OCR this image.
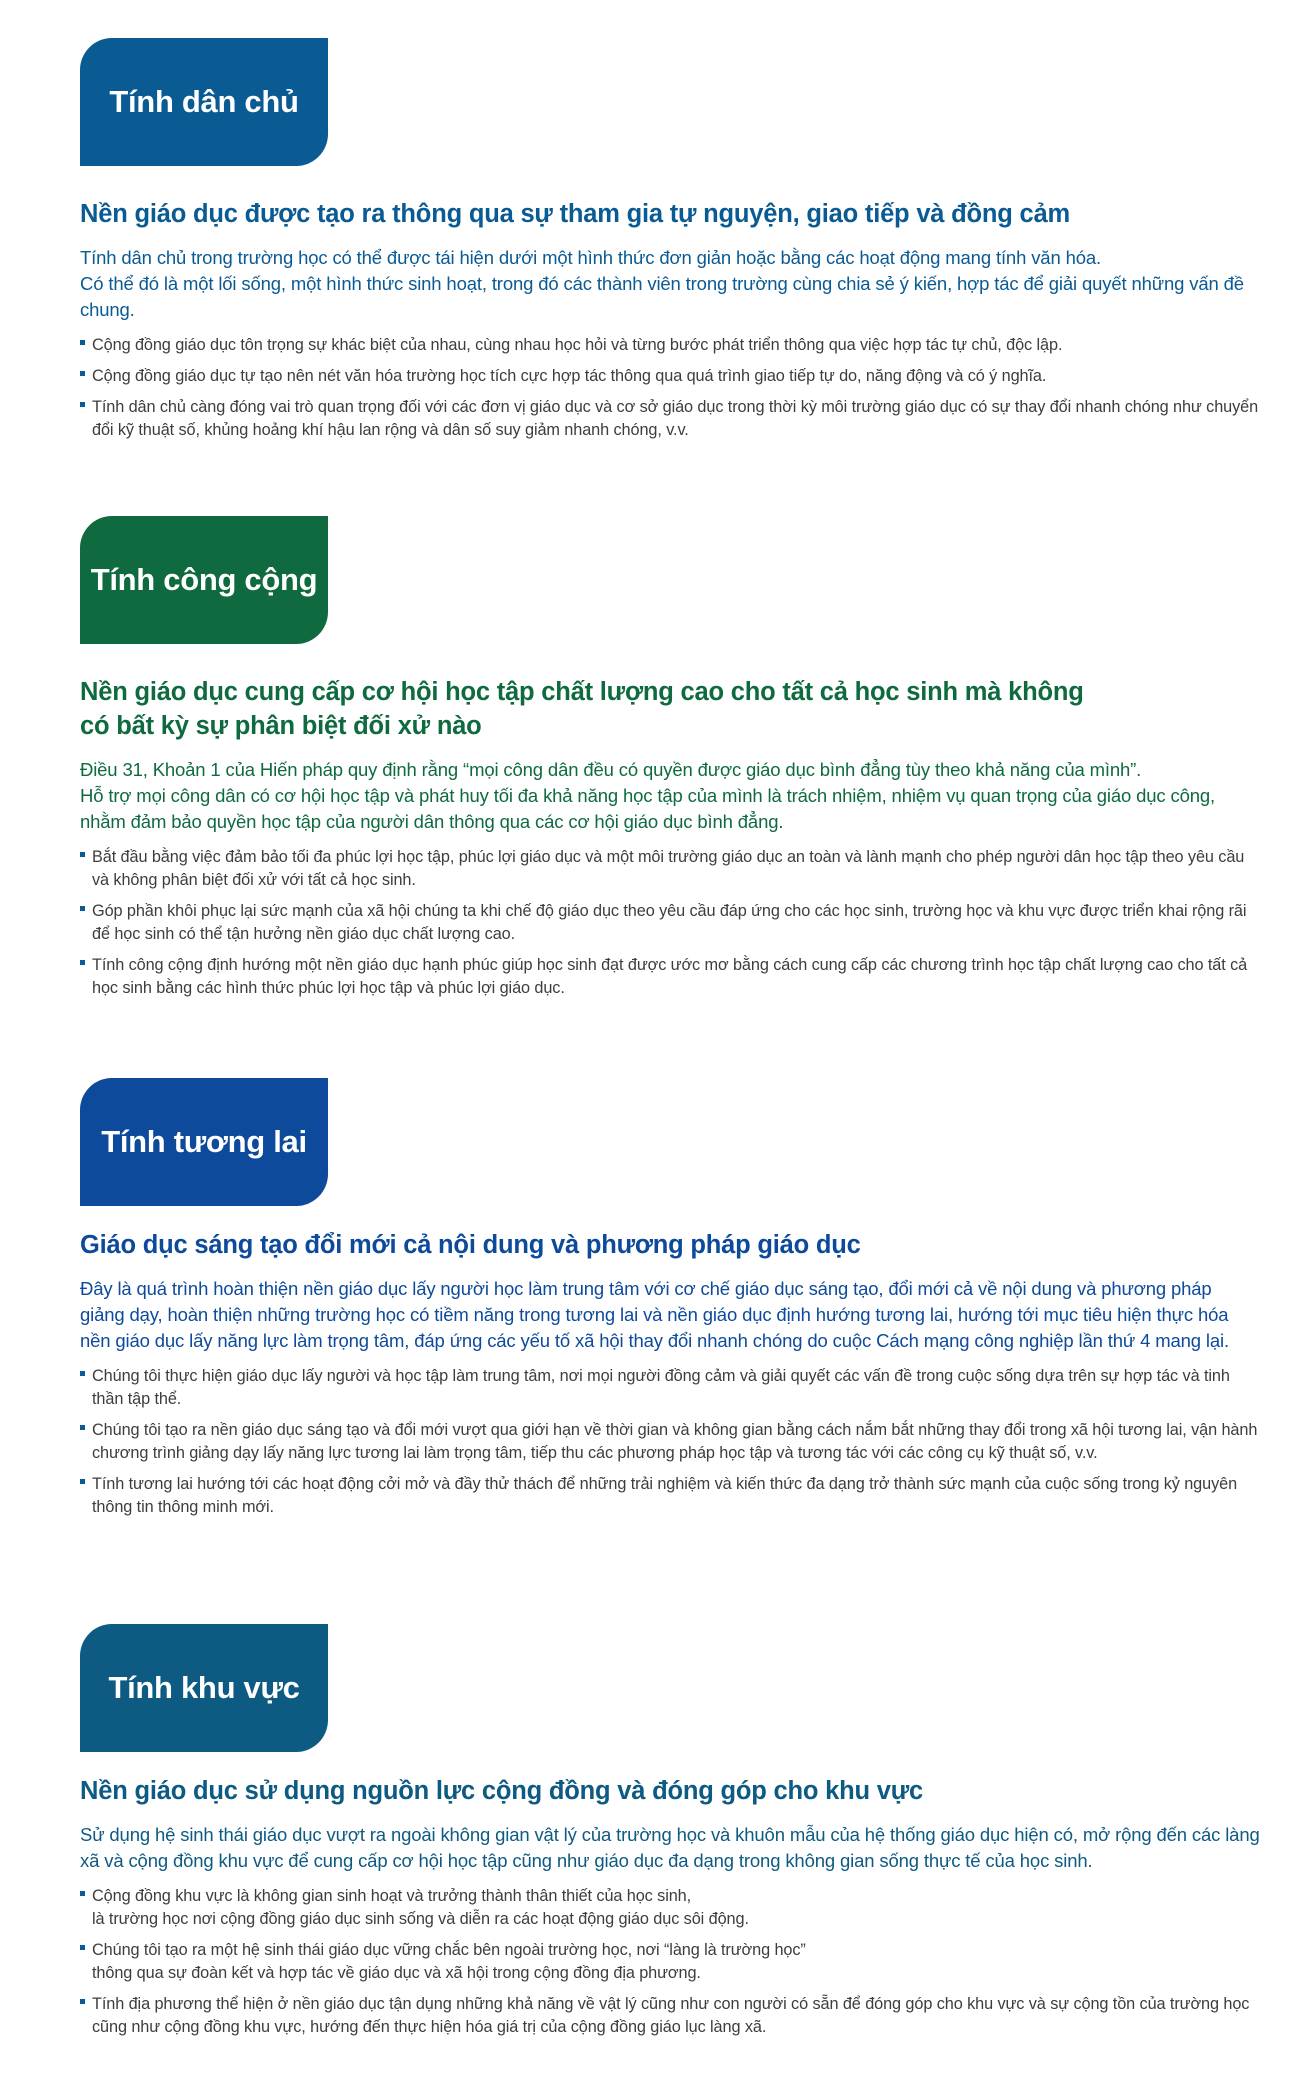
Tính dân chủ
Nền giáo dục được tạo ra thông qua sự tham gia tự nguyện, giao tiếp và đồng cảm

Tính dân chủ trong trường học có thể được tái hiện dưới một hình thức đơn giản hoặc bằng các hoạt động mang tính văn hóa.
Có thể đó là một lối sống, một hình thức sinh hoạt, trong đó các thành viên trong trường cùng chia sẻ ý kiến, hợp tác để giải quyết những vấn đề chung.

Cộng đồng giáo dục tôn trọng sự khác biệt của nhau, cùng nhau học hỏi và từng bước phát triển thông qua việc hợp tác tự chủ, độc lập.
Cộng đồng giáo dục tự tạo nên nét văn hóa trường học tích cực hợp tác thông qua quá trình giao tiếp tự do, năng động và có ý nghĩa.
Tính dân chủ càng đóng vai trò quan trọng đối với các đơn vị giáo dục và cơ sở giáo dục trong thời kỳ môi trường giáo dục có sự thay đổi nhanh chóng như chuyển đổi kỹ thuật số, khủng hoảng khí hậu lan rộng và dân số suy giảm nhanh chóng, v.v.
Tính công cộng
Nền giáo dục cung cấp cơ hội học tập chất lượng cao cho tất cả học sinh mà không
có bất kỳ sự phân biệt đối xử nào

Điều 31, Khoản 1 của Hiến pháp quy định rằng “mọi công dân đều có quyền được giáo dục bình đẳng tùy theo khả năng của mình”.
Hỗ trợ mọi công dân có cơ hội học tập và phát huy tối đa khả năng học tập của mình là trách nhiệm, nhiệm vụ quan trọng của giáo dục công, nhằm đảm bảo quyền học tập của người dân thông qua các cơ hội giáo dục bình đẳng.

Bắt đầu bằng việc đảm bảo tối đa phúc lợi học tập, phúc lợi giáo dục và một môi trường giáo dục an toàn và lành mạnh cho phép người dân học tập theo yêu cầu và không phân biệt đối xử với tất cả học sinh.
Góp phần khôi phục lại sức mạnh của xã hội chúng ta khi chế độ giáo dục theo yêu cầu đáp ứng cho các học sinh, trường học và khu vực được triển khai rộng rãi để học sinh có thể tận hưởng nền giáo dục chất lượng cao.
Tính công cộng định hướng một nền giáo dục hạnh phúc giúp học sinh đạt được ước mơ bằng cách cung cấp các chương trình học tập chất lượng cao cho tất cả học sinh bằng các hình thức phúc lợi học tập và phúc lợi giáo dục.
Tính tương lai
Giáo dục sáng tạo đổi mới cả nội dung và phương pháp giáo dục

Đây là quá trình hoàn thiện nền giáo dục lấy người học làm trung tâm với cơ chế giáo dục sáng tạo, đổi mới cả về nội dung và phương pháp giảng dạy, hoàn thiện những trường học có tiềm năng trong tương lai và nền giáo dục định hướng tương lai, hướng tới mục tiêu hiện thực hóa nền giáo dục lấy năng lực làm trọng tâm, đáp ứng các yếu tố xã hội thay đổi nhanh chóng do cuộc Cách mạng công nghiệp lần thứ 4 mang lại.

Chúng tôi thực hiện giáo dục lấy người và học tập làm trung tâm, nơi mọi người đồng cảm và giải quyết các vấn đề trong cuộc sống dựa trên sự hợp tác và tinh thần tập thể.
Chúng tôi tạo ra nền giáo dục sáng tạo và đổi mới vượt qua giới hạn về thời gian và không gian bằng cách nắm bắt những thay đổi trong xã hội tương lai, vận hành chương trình giảng dạy lấy năng lực tương lai làm trọng tâm, tiếp thu các phương pháp học tập và tương tác với các công cụ kỹ thuật số, v.v.
Tính tương lai hướng tới các hoạt động cởi mở và đầy thử thách để những trải nghiệm và kiến thức đa dạng trở thành sức mạnh của cuộc sống trong kỷ nguyên thông tin thông minh mới.
Tính khu vực
Nền giáo dục sử dụng nguồn lực cộng đồng và đóng góp cho khu vực

Sử dụng hệ sinh thái giáo dục vượt ra ngoài không gian vật lý của trường học và khuôn mẫu của hệ thống giáo dục hiện có, mở rộng đến các làng xã và cộng đồng khu vực để cung cấp cơ hội học tập cũng như giáo dục đa dạng trong không gian sống thực tế của học sinh.

Cộng đồng khu vực là không gian sinh hoạt và trưởng thành thân thiết của học sinh,
là trường học nơi cộng đồng giáo dục sinh sống và diễn ra các hoạt động giáo dục sôi động.
Chúng tôi tạo ra một hệ sinh thái giáo dục vững chắc bên ngoài trường học, nơi “làng là trường học”
thông qua sự đoàn kết và hợp tác về giáo dục và xã hội trong cộng đồng địa phương.
Tính địa phương thể hiện ở nền giáo dục tận dụng những khả năng về vật lý cũng như con người có sẵn để đóng góp cho khu vực và sự cộng tồn của trường học cũng như cộng đồng khu vực, hướng đến thực hiện hóa giá trị của cộng đồng giáo lục làng xã.
